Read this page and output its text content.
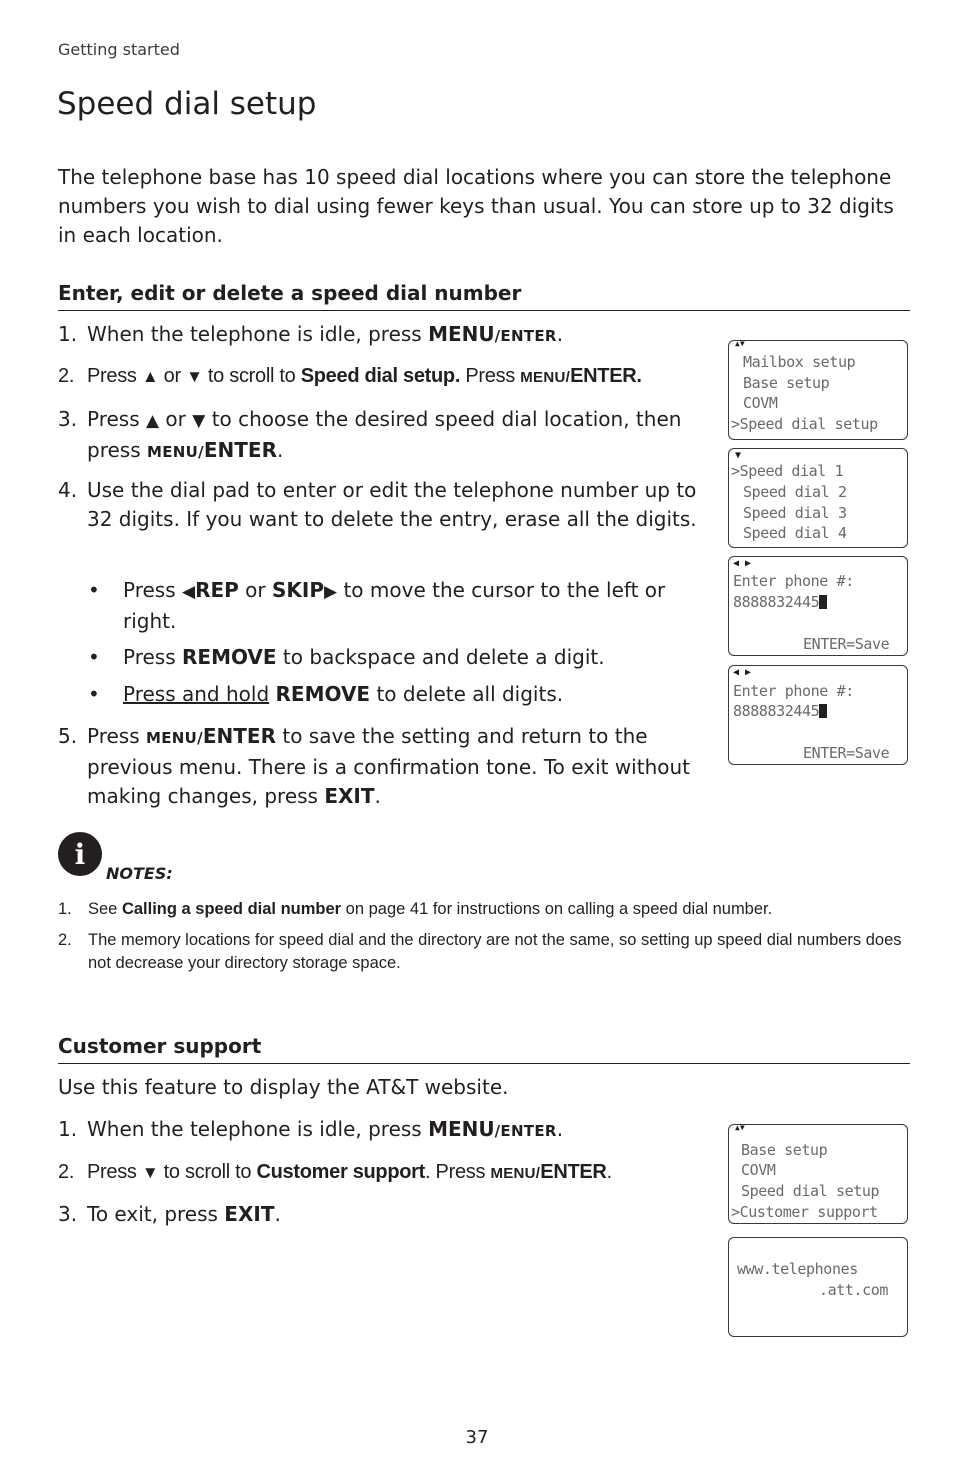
Getting started
Speed dial setup

The telephone base has 10 speed dial locations where you can store the telephone numbers you wish to dial using fewer keys than usual. You can store up to 32 digits in each location.

Enter, edit or delete a speed dial number

1. When the telephone is idle, press MENU/ENTER.

2. Press ▲ or ▼ to scroll to Speed dial setup. Press MENU/ENTER.

3. Press ▲ or ▼ to choose the desired speed dial location, then press MENU/ENTER.

4. Use the dial pad to enter or edit the telephone number up to 32 digits. If you want to delete the entry, erase all the digits.

•	Press ◀REP or SKIP▶ to move the cursor to the left or right.

•	Press REMOVE to backspace and delete a digit.

•	Press and hold REMOVE to delete all digits.

5. Press MENU/ENTER to save the setting and return to the previous menu. There is a confirmation tone. To exit without making changes, press EXIT.

▲▼
Mailbox setup
Base setup
COVM
>Speed dial setup
▼
>Speed dial 1
Speed dial 2
Speed dial 3
Speed dial 4
◀ ▶
Enter phone #:
8888832445
ENTER=Save
◀ ▶
Enter phone #:
8888832445
ENTER=Save
i
NOTES:

1. See Calling a speed dial number on page 41 for instructions on calling a speed dial number.

2. The memory locations for speed dial and the directory are not the same, so setting up speed dial numbers does not decrease your directory storage space.

Customer support

Use this feature to display the AT&T website.

1. When the telephone is idle, press MENU/ENTER.

2. Press ▼ to scroll to Customer support. Press MENU/ENTER.

3. To exit, press EXIT.

▲▼
Base setup
COVM
Speed dial setup
>Customer support
www.telephones
.att.com
37
